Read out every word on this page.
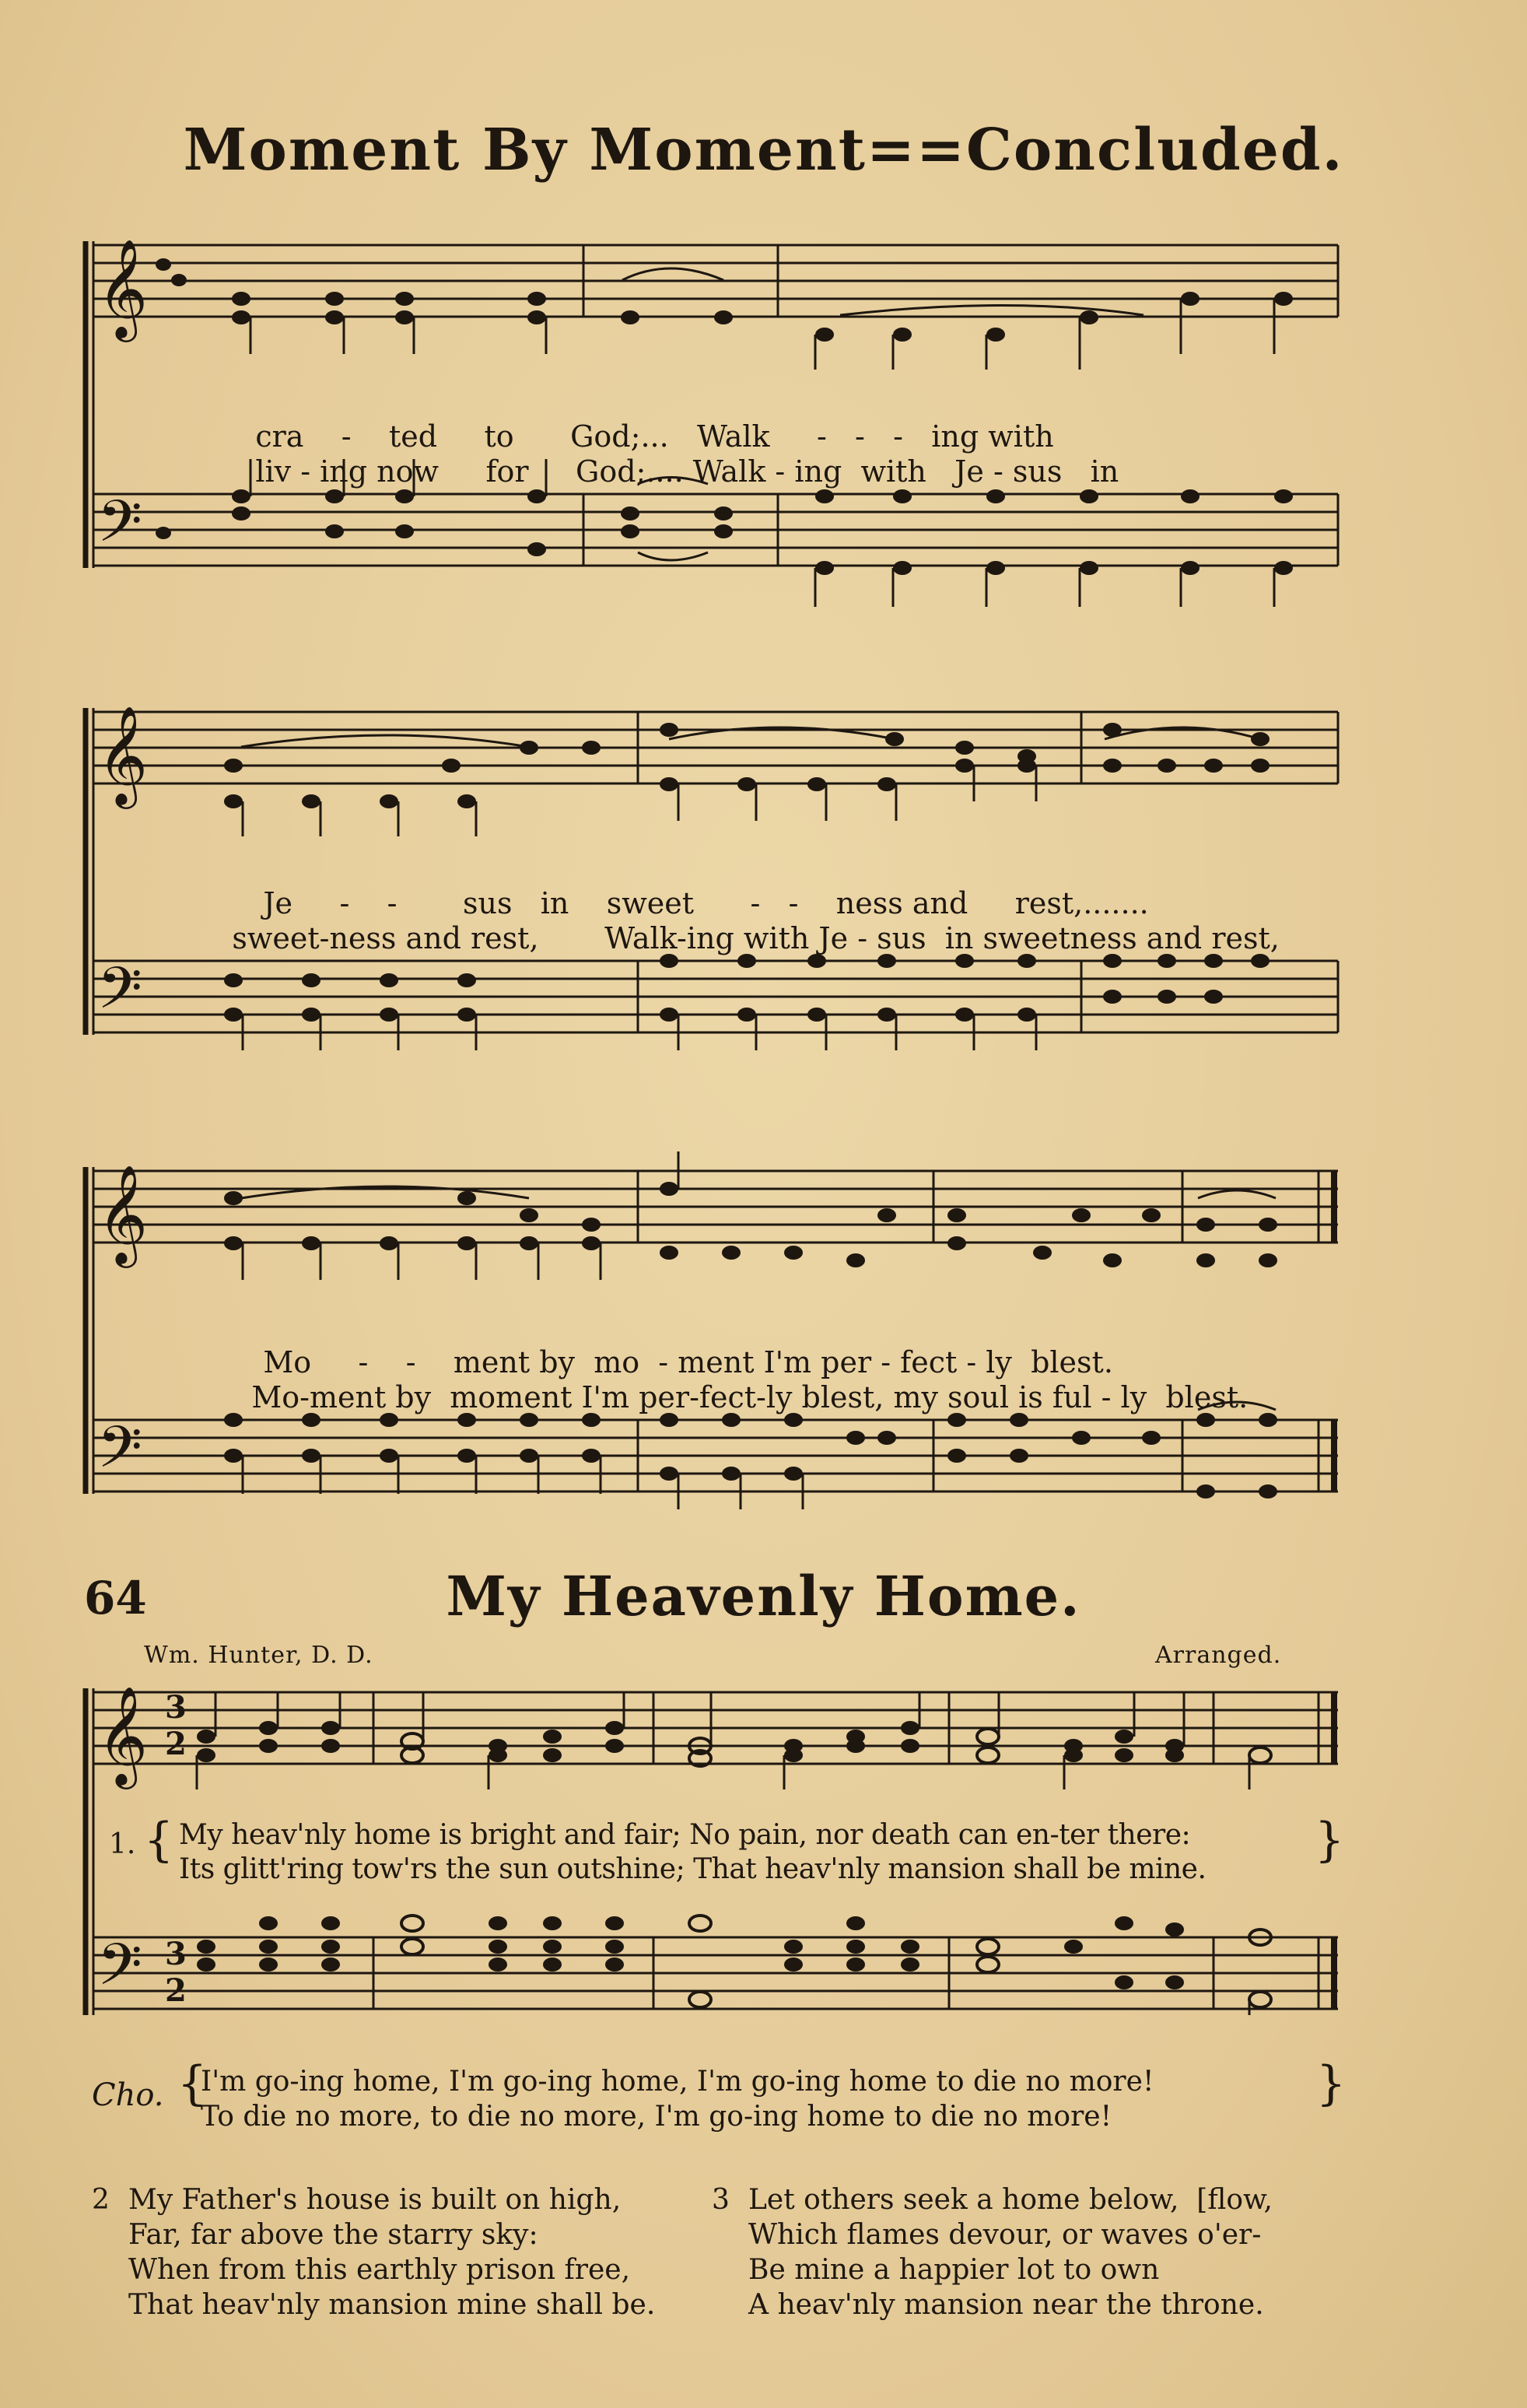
Moment By Moment==Concluded.
𝄞
𝄢

cra - ted to God;... Walk - - - ing with

liv - ing now for God;.... Walk - ing with Je - sus in

𝄞
𝄢

Je - - sus in sweet - - ness and rest,.......

sweet-ness and rest, Walk-ing with Je - sus in sweetness and rest,

𝄞
𝄢

Mo - - ment by mo - ment I'm per - fect - ly blest.

Mo-ment by moment I'm per-fect-ly blest, my soul is ful - ly blest.

64	My Heavenly Home.
Wm. Hunter, D. D.	Arranged.
𝄞
𝄢
3
2
3
2
{
1. My heav'nly home is bright and fair; No pain, nor death can en-ter there:
Its glitt'ring tow'rs the sun outshine; That heav'nly mansion shall be mine.
}
Cho. {
I'm go-ing home, I'm go-ing home, I'm go-ing home to die no more!
To die no more, to die no more, I'm go-ing home to die no more!
}
2 My Father's house is built on high,
Far, far above the starry sky:
When from this earthly prison free,
That heav'nly mansion mine shall be.
3 Let others seek a home below,  [flow,
Which flames devour, or waves o'er-
Be mine a happier lot to own
A heav'nly mansion near the throne.
